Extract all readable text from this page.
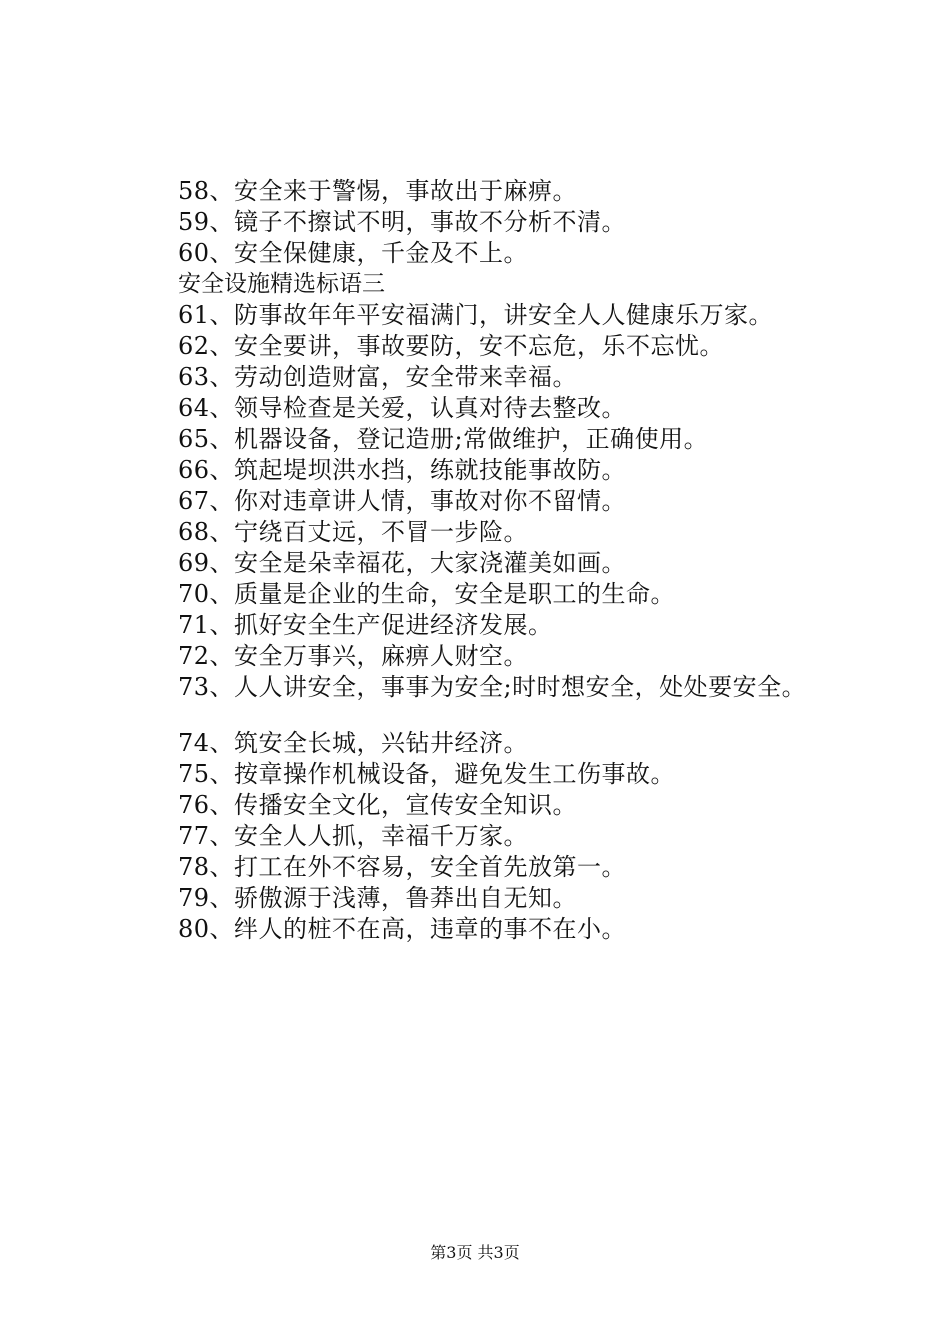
58、安全来于警惕，事故出于麻痹。
59、镜子不擦试不明，事故不分析不清。
60、安全保健康，千金及不上。
安全设施精选标语三
61、防事故年年平安福满门，讲安全人人健康乐万家。
62、安全要讲，事故要防，安不忘危，乐不忘忧。
63、劳动创造财富，安全带来幸福。
64、领导检查是关爱，认真对待去整改。
65、机器设备，登记造册;常做维护，正确使用。
66、筑起堤坝洪水挡，练就技能事故防。
67、你对违章讲人情，事故对你不留情。
68、宁绕百丈远，不冒一步险。
69、安全是朵幸福花，大家浇灌美如画。
70、质量是企业的生命，安全是职工的生命。
71、抓好安全生产促进经济发展。
72、安全万事兴，麻痹人财空。
73、人人讲安全，事事为安全;时时想安全，处处要安全。
74、筑安全长城，兴钻井经济。
75、按章操作机械设备，避免发生工伤事故。
76、传播安全文化，宣传安全知识。
77、安全人人抓，幸福千万家。
78、打工在外不容易，安全首先放第一。
79、骄傲源于浅薄，鲁莽出自无知。
80、绊人的桩不在高，违章的事不在小。
第3页 共3页
